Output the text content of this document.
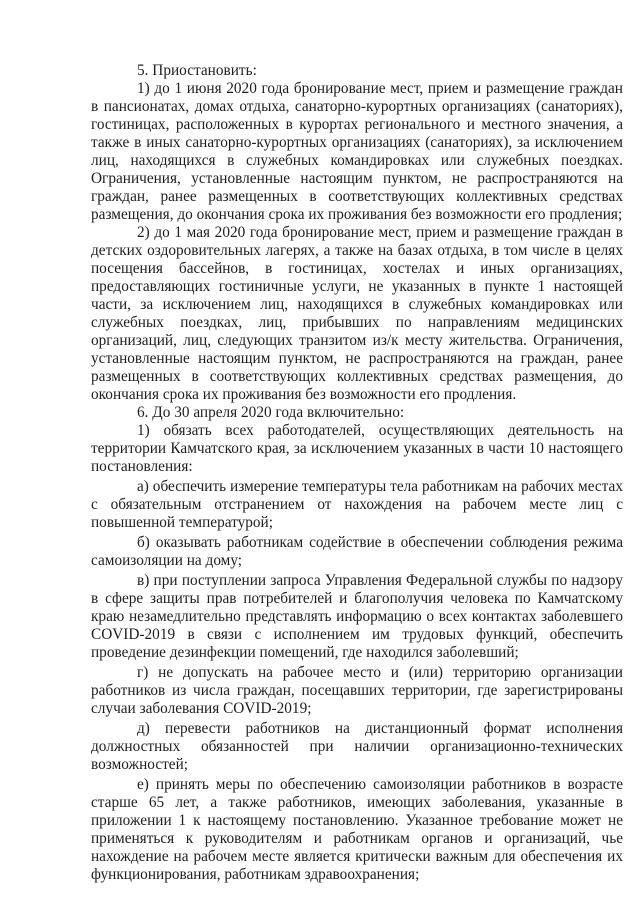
5. Приостановить:

1) до 1 июня 2020 года бронирование мест, прием и размещение граждан в пансионатах, домах отдыха, санаторно-курортных организациях (санаториях), гостиницах, расположенных в курортах регионального и местного значения, а также в иных санаторно-курортных организациях (санаториях), за исключением лиц, находящихся в служебных командировках или служебных поездках. Ограничения, установленные настоящим пунктом, не распространяются на граждан, ранее размещенных в соответствующих коллективных средствах размещения, до окончания срока их проживания без возможности его продления;

2) до 1 мая 2020 года бронирование мест, прием и размещение граждан в детских оздоровительных лагерях, а также на базах отдыха, в том числе в целях посещения бассейнов, в гостиницах, хостелах и иных организациях, предоставляющих гостиничные услуги, не указанных в пункте 1 настоящей части, за исключением лиц, находящихся в служебных командировках или служебных поездках, лиц, прибывших по направлениям медицинских организаций, лиц, следующих транзитом из/к месту жительства. Ограничения, установленные настоящим пунктом, не распространяются на граждан, ранее размещенных в соответствующих коллективных средствах размещения, до окончания срока их проживания без возможности его продления.

6. До 30 апреля 2020 года включительно:

1) обязать всех работодателей, осуществляющих деятельность на территории Камчатского края, за исключением указанных в части 10 настоящего постановления:

а) обеспечить измерение температуры тела работникам на рабочих местах с обязательным отстранением от нахождения на рабочем месте лиц с повышенной температурой;

б) оказывать работникам содействие в обеспечении соблюдения режима самоизоляции на дому;

в) при поступлении запроса Управления Федеральной службы по надзору в сфере защиты прав потребителей и благополучия человека по Камчатскому краю незамедлительно представлять информацию о всех контактах заболевшего COVID-2019 в связи с исполнением им трудовых функций, обеспечить проведение дезинфекции помещений, где находился заболевший;

г) не допускать на рабочее место и (или) территорию организации работников из числа граждан, посещавших территории, где зарегистрированы случаи заболевания COVID-2019;

д) перевести работников на дистанционный формат исполнения должностных обязанностей при наличии организационно-технических возможностей;

е) принять меры по обеспечению самоизоляции работников в возрасте старше 65 лет, а также работников, имеющих заболевания, указанные в приложении 1 к настоящему постановлению. Указанное требование может не применяться к руководителям и работникам органов и организаций, чье нахождение на рабочем месте является критически важным для обеспечения их функционирования, работникам здравоохранения;
